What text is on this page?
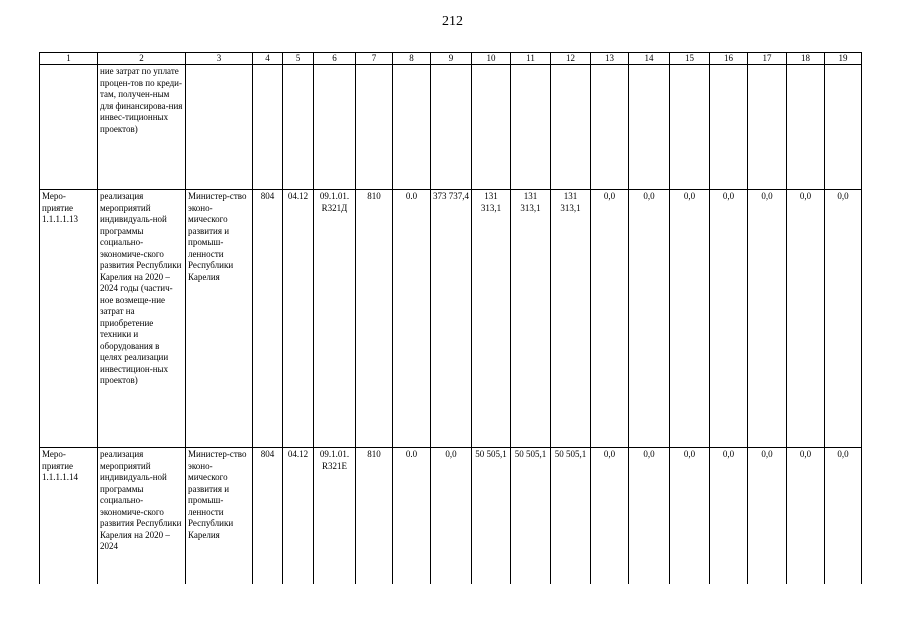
212
1	2	3	4	5	6	7	8	9	10	11	12	13	14	15	16	17	18	19
	ние затрат по уплате процен-тов по креди-там, получен-ным для финансирова-ния инвес-тиционных проектов)																	
Меро-приятие 1.1.1.1.13	реализация мероприятий индивидуаль-ной программы социально-экономиче-ского развития Республики Карелия на 2020 – 2024 годы (частич-ное возмеще-ние затрат на приобретение техники и оборудования в целях реализации инвестицион-ных проектов)	Министер-ство эконо-мического развития и промыш-ленности Республики Карелия	804	04.12	09.1.01. R321Д	810	0.0	373 737,4	131 313,1	131 313,1	131 313,1	0,0	0,0	0,0	0,0	0,0	0,0	0,0
Меро-приятие 1.1.1.1.14	реализация мероприятий индивидуаль-ной программы социально-экономиче-ского развития Республики Карелия на 2020 – 2024	Министер-ство эконо-мического развития и промыш-ленности Республики Карелия	804	04.12	09.1.01. R321Е	810	0.0	0,0	50 505,1	50 505,1	50 505,1	0,0	0,0	0,0	0,0	0,0	0,0	0,0
